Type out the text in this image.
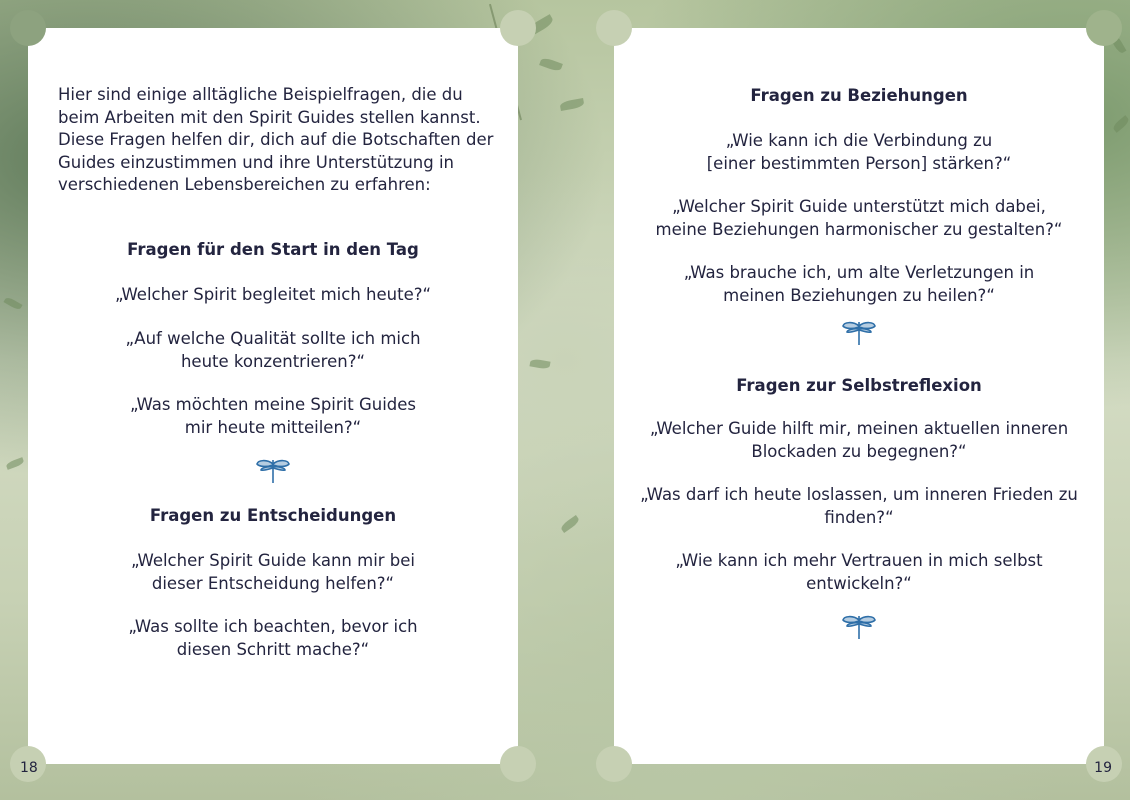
Hier sind einige alltägliche Beispielfragen, die du beim Arbeiten mit den Spirit Guides stellen kannst. Diese Fragen helfen dir, dich auf die Botschaften der Guides einzustimmen und ihre Unterstützung in verschiedenen Lebensbereichen zu erfahren:
Fragen für den Start in den Tag
„Welcher Spirit begleitet mich heute?“
„Auf welche Qualität sollte ich mich
heute konzentrieren?“
„Was möchten meine Spirit Guides
mir heute mitteilen?“
Fragen zu Entscheidungen
„Welcher Spirit Guide kann mir bei
dieser Entscheidung helfen?“
„Was sollte ich beachten, bevor ich
diesen Schritt mache?“
Fragen zu Beziehungen
„Wie kann ich die Verbindung zu
[einer bestimmten Person] stärken?“
„Welcher Spirit Guide unterstützt mich dabei,
meine Beziehungen harmonischer zu gestalten?“
„Was brauche ich, um alte Verletzungen in
meinen Beziehungen zu heilen?“
Fragen zur Selbstreflexion
„Welcher Guide hilft mir, meinen aktuellen inneren
Blockaden zu begegnen?“
„Was darf ich heute loslassen, um inneren Frieden zu
finden?“
„Wie kann ich mehr Vertrauen in mich selbst
entwickeln?“
18	19
